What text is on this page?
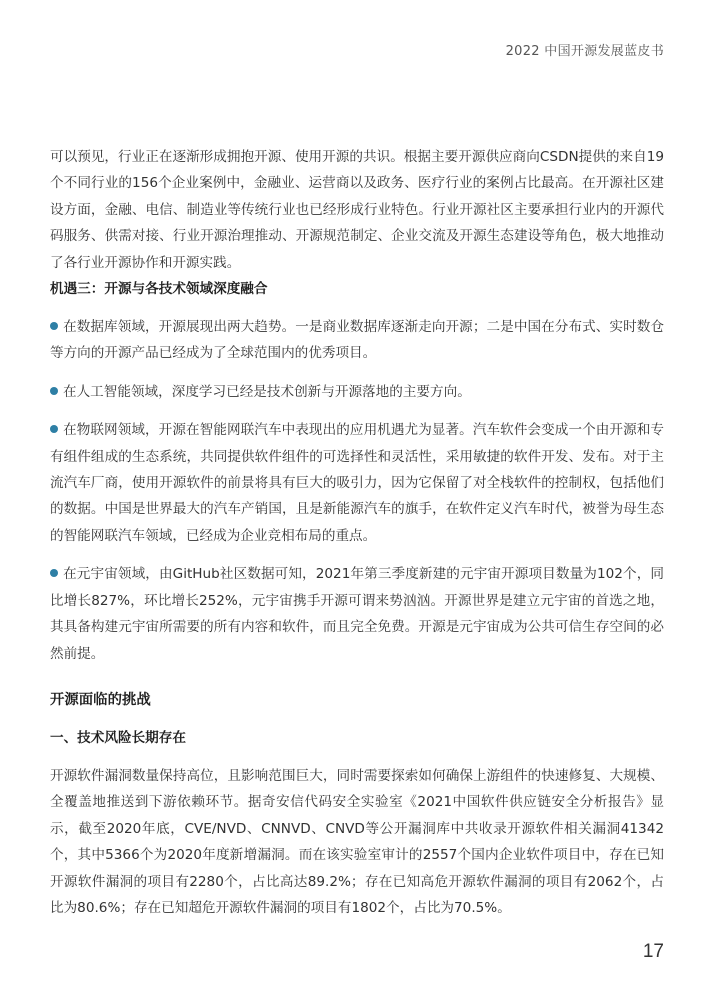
2022 中国开源发展蓝皮书

可以预见，行业正在逐渐形成拥抱开源、使用开源的共识。根据主要开源供应商向CSDN提供的来自19个不同行业的156个企业案例中，金融业、运营商以及政务、医疗行业的案例占比最高。在开源社区建设方面，金融、电信、制造业等传统行业也已经形成行业特色。行业开源社区主要承担行业内的开源代码服务、供需对接、行业开源治理推动、开源规范制定、企业交流及开源生态建设等角色，极大地推动了各行业开源协作和开源实践。

机遇三：开源与各技术领域深度融合

在数据库领域，开源展现出两大趋势。一是商业数据库逐渐走向开源；二是中国在分布式、实时数仓等方向的开源产品已经成为了全球范围内的优秀项目。

在人工智能领域，深度学习已经是技术创新与开源落地的主要方向。

在物联网领域，开源在智能网联汽车中表现出的应用机遇尤为显著。汽车软件会变成一个由开源和专有组件组成的生态系统，共同提供软件组件的可选择性和灵活性，采用敏捷的软件开发、发布。对于主流汽车厂商，使用开源软件的前景将具有巨大的吸引力，因为它保留了对全栈软件的控制权，包括他们的数据。中国是世界最大的汽车产销国，且是新能源汽车的旗手，在软件定义汽车时代，被誉为母生态的智能网联汽车领域，已经成为企业竞相布局的重点。

在元宇宙领域，由GitHub社区数据可知，2021年第三季度新建的元宇宙开源项目数量为102个，同比增长827%，环比增长252%，元宇宙携手开源可谓来势汹汹。开源世界是建立元宇宙的首选之地，其具备构建元宇宙所需要的所有内容和软件，而且完全免费。开源是元宇宙成为公共可信生存空间的必然前提。

开源面临的挑战
一、技术风险长期存在

开源软件漏洞数量保持高位，且影响范围巨大，同时需要探索如何确保上游组件的快速修复、大规模、全覆盖地推送到下游依赖环节。据奇安信代码安全实验室《2021中国软件供应链安全分析报告》显示，截至2020年底，CVE/NVD、CNNVD、CNVD等公开漏洞库中共收录开源软件相关漏洞41342个，其中5366个为2020年度新增漏洞。而在该实验室审计的2557个国内企业软件项目中，存在已知开源软件漏洞的项目有2280个，占比高达89.2%；存在已知高危开源软件漏洞的项目有2062个，占比为80.6%；存在已知超危开源软件漏洞的项目有1802个，占比为70.5%。

17
